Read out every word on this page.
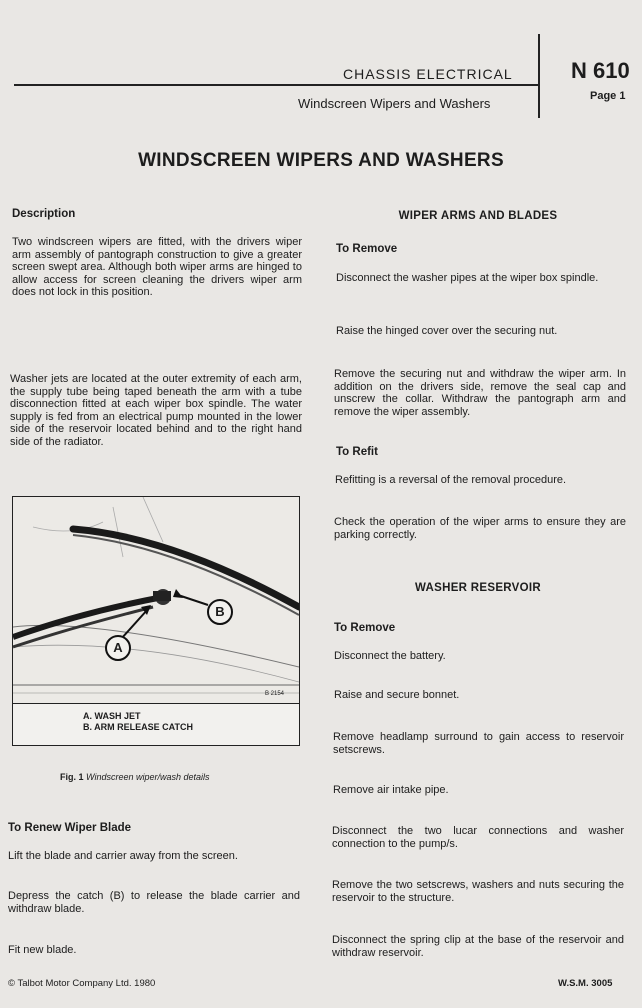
CHASSIS ELECTRICAL
Windscreen Wipers and Washers
N 610
Page 1
WINDSCREEN WIPERS AND WASHERS
Description
Two windscreen wipers are fitted, with the drivers wiper arm assembly of pantograph construction to give a greater screen swept area. Although both wiper arms are hinged to allow access for screen cleaning the drivers wiper arm does not lock in this position.
Washer jets are located at the outer extremity of each arm, the supply tube being taped beneath the arm with a tube disconnection fitted at each wiper box spindle. The water supply is fed from an electrical pump mounted in the lower side of the reservoir located behind and to the right hand side of the radiator.
A
B
B 2154
A. WASH JET
B. ARM RELEASE CATCH
Fig. 1 Windscreen wiper/wash details
To Renew Wiper Blade
Lift the blade and carrier away from the screen.
Depress the catch (B) to release the blade carrier and withdraw blade.
Fit new blade.
WIPER ARMS AND BLADES
To Remove
Disconnect the washer pipes at the wiper box spindle.
Raise the hinged cover over the securing nut.
Remove the securing nut and withdraw the wiper arm. In addition on the drivers side, remove the seal cap and unscrew the collar. Withdraw the pantograph arm and remove the wiper assembly.
To Refit
Refitting is a reversal of the removal procedure.
Check the operation of the wiper arms to ensure they are parking correctly.
WASHER RESERVOIR
To Remove
Disconnect the battery.
Raise and secure bonnet.
Remove headlamp surround to gain access to reservoir setscrews.
Remove air intake pipe.
Disconnect the two lucar connections and washer connection to the pump/s.
Remove the two setscrews, washers and nuts securing the reservoir to the structure.
Disconnect the spring clip at the base of the reservoir and withdraw reservoir.
© Talbot Motor Company Ltd. 1980	W.S.M. 3005
